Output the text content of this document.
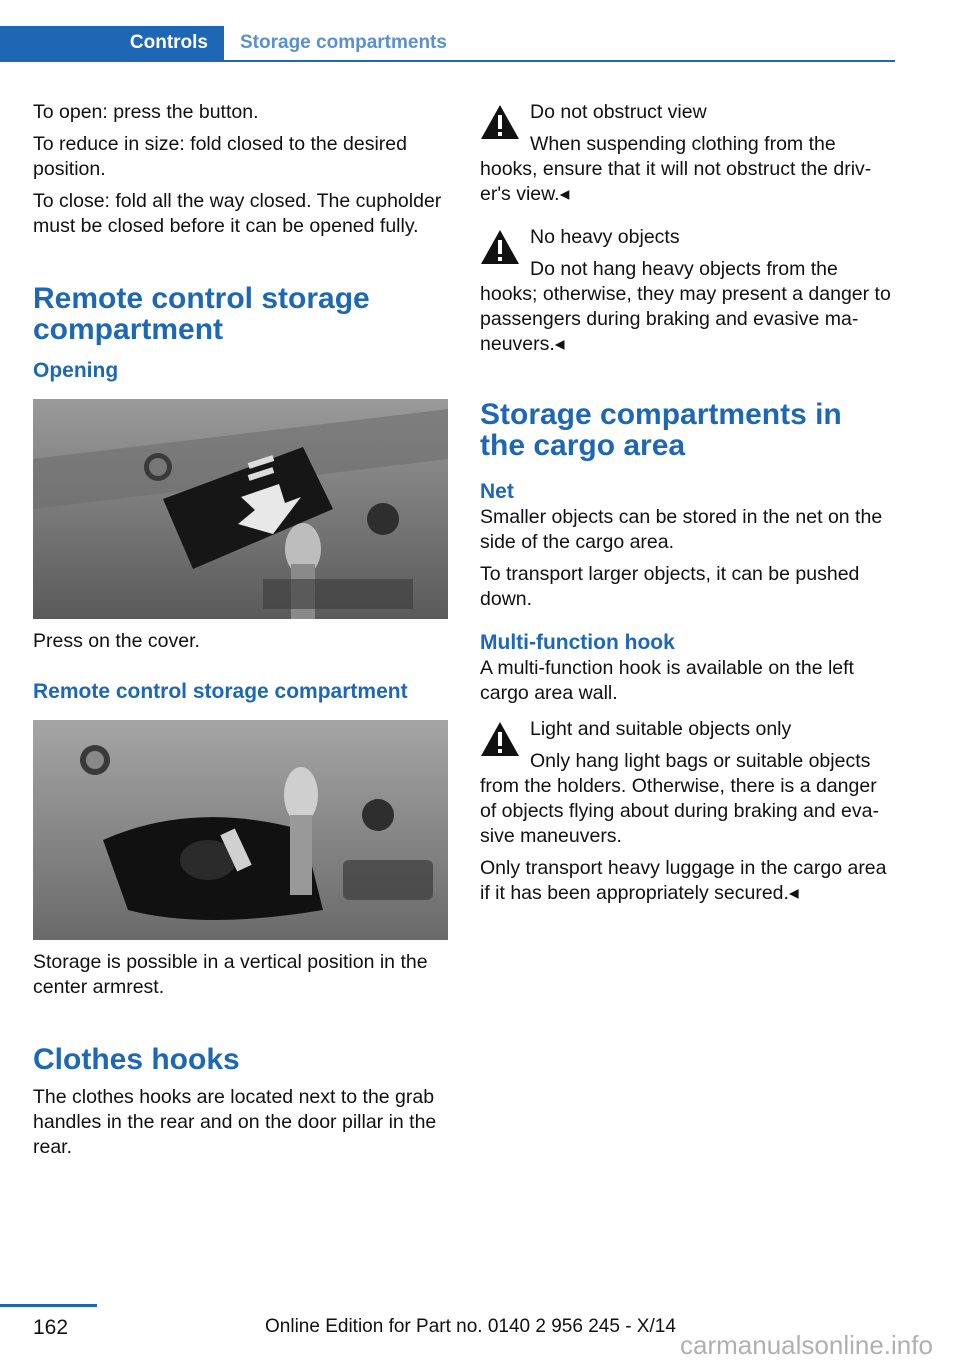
Controls	Storage compartments

To open: press the button.

To reduce in size: fold closed to the desired position.

To close: fold all the way closed. The cupholder must be closed before it can be opened fully.

Remote control storage compartment
Opening

Press on the cover.

Remote control storage compartment

Storage is possible in a vertical position in the center armrest.

Clothes hooks

The clothes hooks are located next to the grab handles in the rear and on the door pillar in the rear.

Do not obstruct view

When suspending clothing from the

hooks, ensure that it will not obstruct the driver's view.◂

No heavy objects

Do not hang heavy objects from the

hooks; otherwise, they may present a danger to passengers during braking and evasive maneuvers.◂

Storage compartments in the cargo area
Net

Smaller objects can be stored in the net on the side of the cargo area.

To transport larger objects, it can be pushed down.

Multi-function hook

A multi-function hook is available on the left cargo area wall.

Light and suitable objects only

Only hang light bags or suitable objects

from the holders. Otherwise, there is a danger of objects flying about during braking and evasive maneuvers.

Only transport heavy luggage in the cargo area if it has been appropriately secured.◂

162	Online Edition for Part no. 0140 2 956 245 - X/14
carmanualsonline.info
